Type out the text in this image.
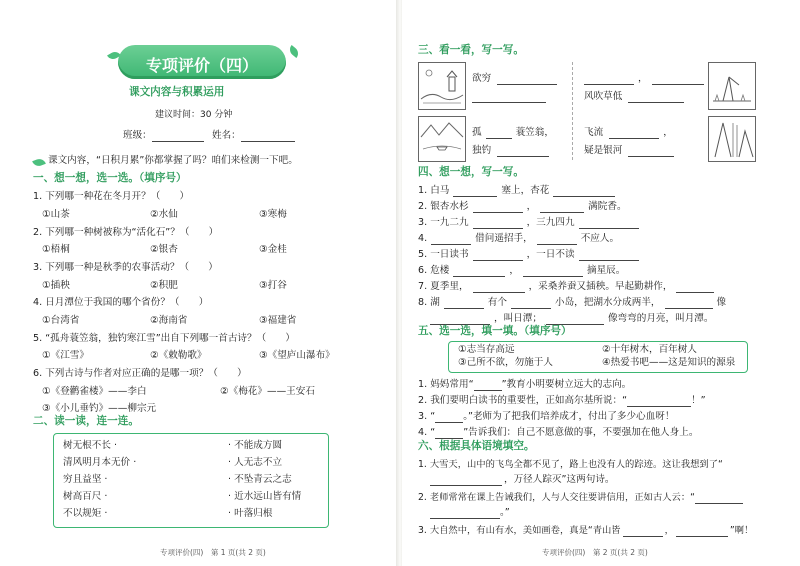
专项评价（四）
课文内容与积累运用
建议时间：30 分钟
班级：	姓名：
课文内容，“日积月累”你都掌握了吗？咱们来检测一下吧。
一、想一想，选一选。（填序号）
1. 下列哪一种花在冬月开？（　　）
①山茶	②水仙	③寒梅
2. 下列哪一种树被称为“活化石”？（　　）
①梧桐	②银杏	③金桂
3. 下列哪一种是秋季的农事活动？（　　）
①插秧	②积肥	③打谷
4. 日月潭位于我国的哪个省份？（　　）
①台湾省	②海南省	③福建省
5. “孤舟蓑笠翁，独钓寒江雪”出自下列哪一首古诗？（　　）
①《江雪》	②《敕勒歌》	③《望庐山瀑布》
6. 下列古诗与作者对应正确的是哪一项？（　　）
①《登鹳雀楼》——李白	②《梅花》——王安石
③《小儿垂钓》——柳宗元
二、读一读，连一连。
树无根不长 ·
清风明月本无价 ·
穷且益坚 ·
树高百尺 ·
不以规矩 ·
· 不能成方圆
· 人无志不立
· 不坠青云之志
· 近水远山皆有情
· 叶落归根
专项评价(四)　第 1 页(共 2 页)
三、看一看，写一写。
欲穷	，
风吹草低
孤	蓑笠翁，
独钓
飞流	，
疑是银河
四、想一想，写一写。
1. 白马	塞上，杏花
2. 银杏水杉	，	满院香。
3. 一九二九	，三九四九
4.	借问遥招手，	不应人。
5. 一日读书	，一日不读
6. 危楼	，	摘星辰。
7. 夏季里，	，采桑养蚕又插秧。早起勤耕作，
8. 湖	有个	小岛，把湖水分成两半，	像
，叫日潭；	像弯弯的月亮，叫月潭。
五、选一选，填一填。（填序号）
①志当存高远	②十年树木，百年树人
③己所不欲，勿施于人	④热爱书吧——这是知识的源泉
1. 妈妈常用“	”教育小明要树立远大的志向。
2. 我们要明白读书的重要性，正如高尔基所说：“	！”
3. “	。”老师为了把我们培养成才，付出了多少心血呀！
4. “	”告诉我们：自己不愿意做的事，不要强加在他人身上。
六、根据具体语境填空。
1. 大雪天，山中的飞鸟全都不见了，路上也没有人的踪迹。这让我想到了“
，万径人踪灭”这两句诗。
2. 老师常常在课上告诫我们，人与人交往要讲信用，正如古人云：“
。”
3. 大自然中，有山有水，美如画卷，真是“青山皆	，	”啊！
专项评价(四)　第 2 页(共 2 页)
